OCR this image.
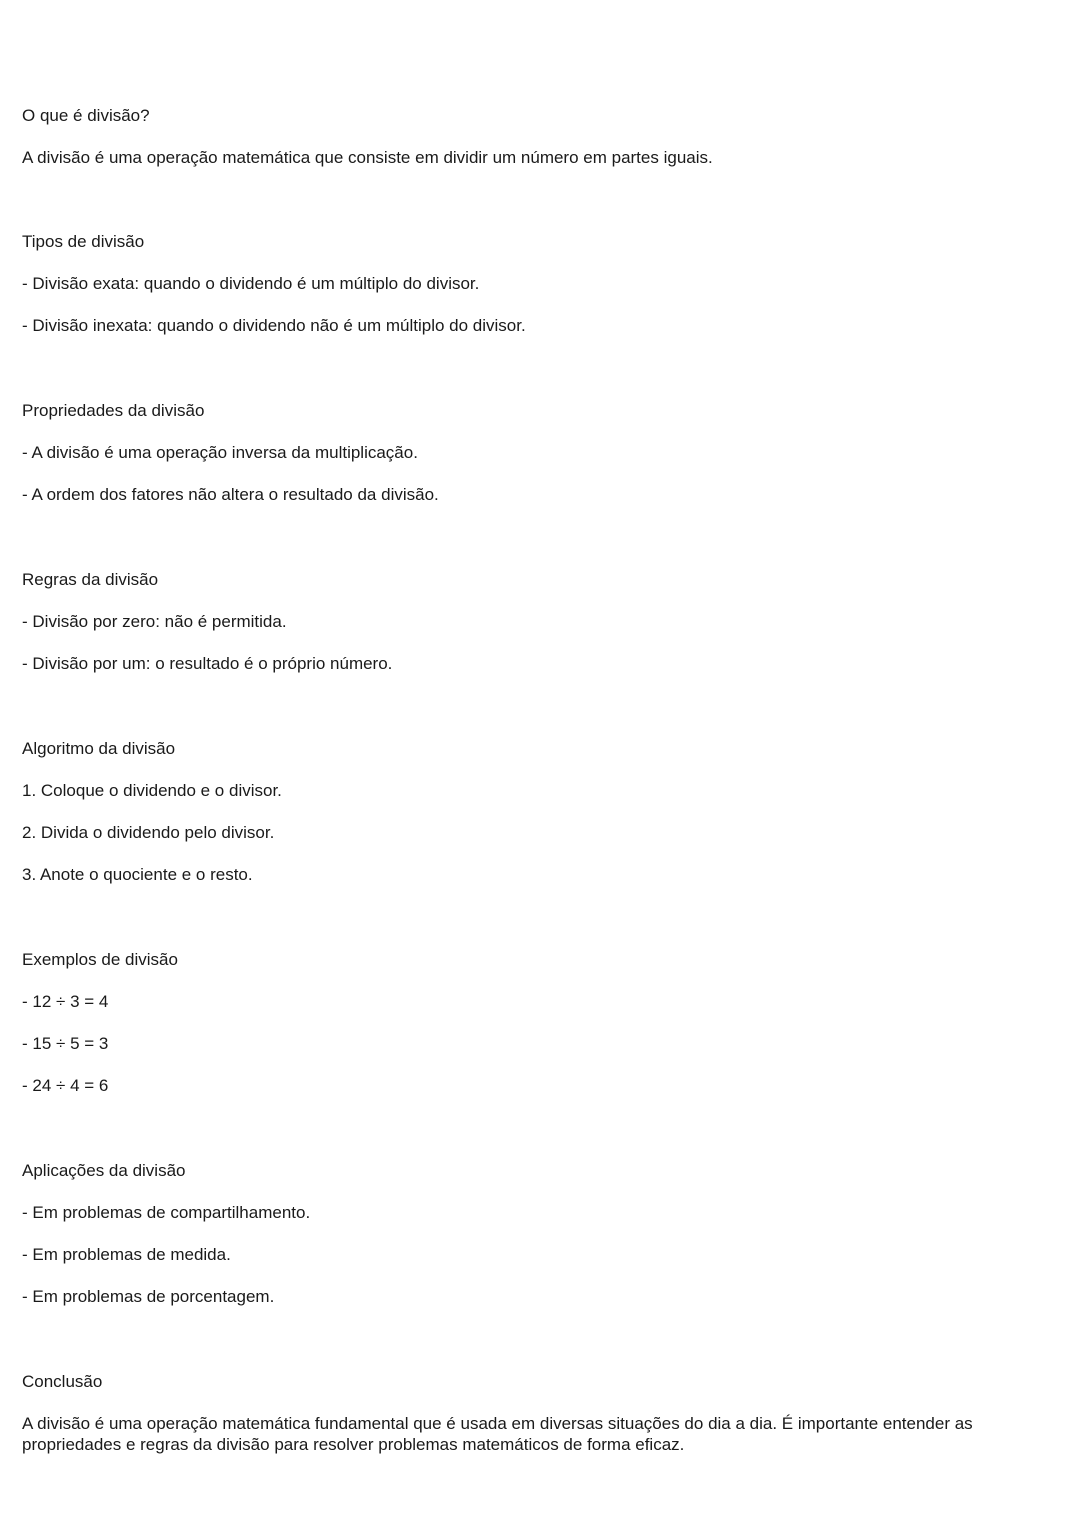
O que é divisão?

A divisão é uma operação matemática que consiste em dividir um número em partes iguais.

Tipos de divisão

- Divisão exata: quando o dividendo é um múltiplo do divisor.

- Divisão inexata: quando o dividendo não é um múltiplo do divisor.

Propriedades da divisão

- A divisão é uma operação inversa da multiplicação.

- A ordem dos fatores não altera o resultado da divisão.

Regras da divisão

- Divisão por zero: não é permitida.

- Divisão por um: o resultado é o próprio número.

Algoritmo da divisão

1. Coloque o dividendo e o divisor.

2. Divida o dividendo pelo divisor.

3. Anote o quociente e o resto.

Exemplos de divisão

- 12 ÷ 3 = 4

- 15 ÷ 5 = 3

- 24 ÷ 4 = 6

Aplicações da divisão

- Em problemas de compartilhamento.

- Em problemas de medida.

- Em problemas de porcentagem.

Conclusão

A divisão é uma operação matemática fundamental que é usada em diversas situações do dia a dia. É importante entender as propriedades e regras da divisão para resolver problemas matemáticos de forma eficaz.
